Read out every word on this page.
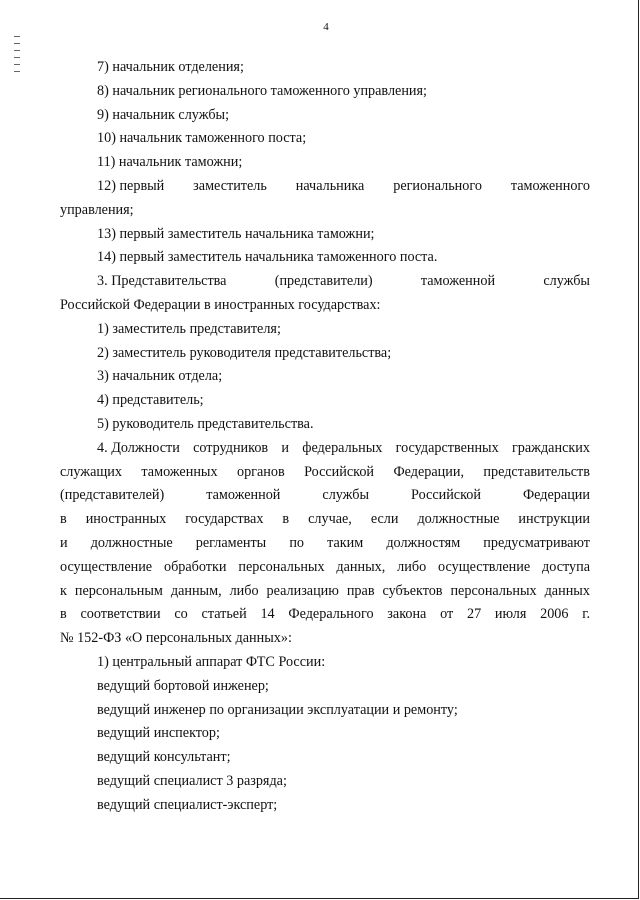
4
7) начальник отделения;
8) начальник регионального таможенного управления;
9) начальник службы;
10) начальник таможенного поста;
11) начальник таможни;
12) первый заместитель начальника регионального таможенного
управления;
13) первый заместитель начальника таможни;
14) первый заместитель начальника таможенного поста.
3. Представительства	(представители)	таможенной	службы
Российской Федерации в иностранных государствах:
1) заместитель представителя;
2) заместитель руководителя представительства;
3) начальник отдела;
4) представитель;
5) руководитель представительства.
4. Должности сотрудников и федеральных государственных гражданских
служащих таможенных органов Российской Федерации, представительств
(представителей)	таможенной	службы	Российской	Федерации
в иностранных государствах в случае, если должностные инструкции
и должностные регламенты по таким должностям предусматривают
осуществление обработки персональных данных, либо осуществление доступа
к персональным данным, либо реализацию прав субъектов персональных данных
в соответствии со статьей 14 Федерального закона от 27 июля 2006 г.
№ 152-ФЗ «О персональных данных»:
1) центральный аппарат ФТС России:
ведущий бортовой инженер;
ведущий инженер по организации эксплуатации и ремонту;
ведущий инспектор;
ведущий консультант;
ведущий специалист 3 разряда;
ведущий специалист-эксперт;
